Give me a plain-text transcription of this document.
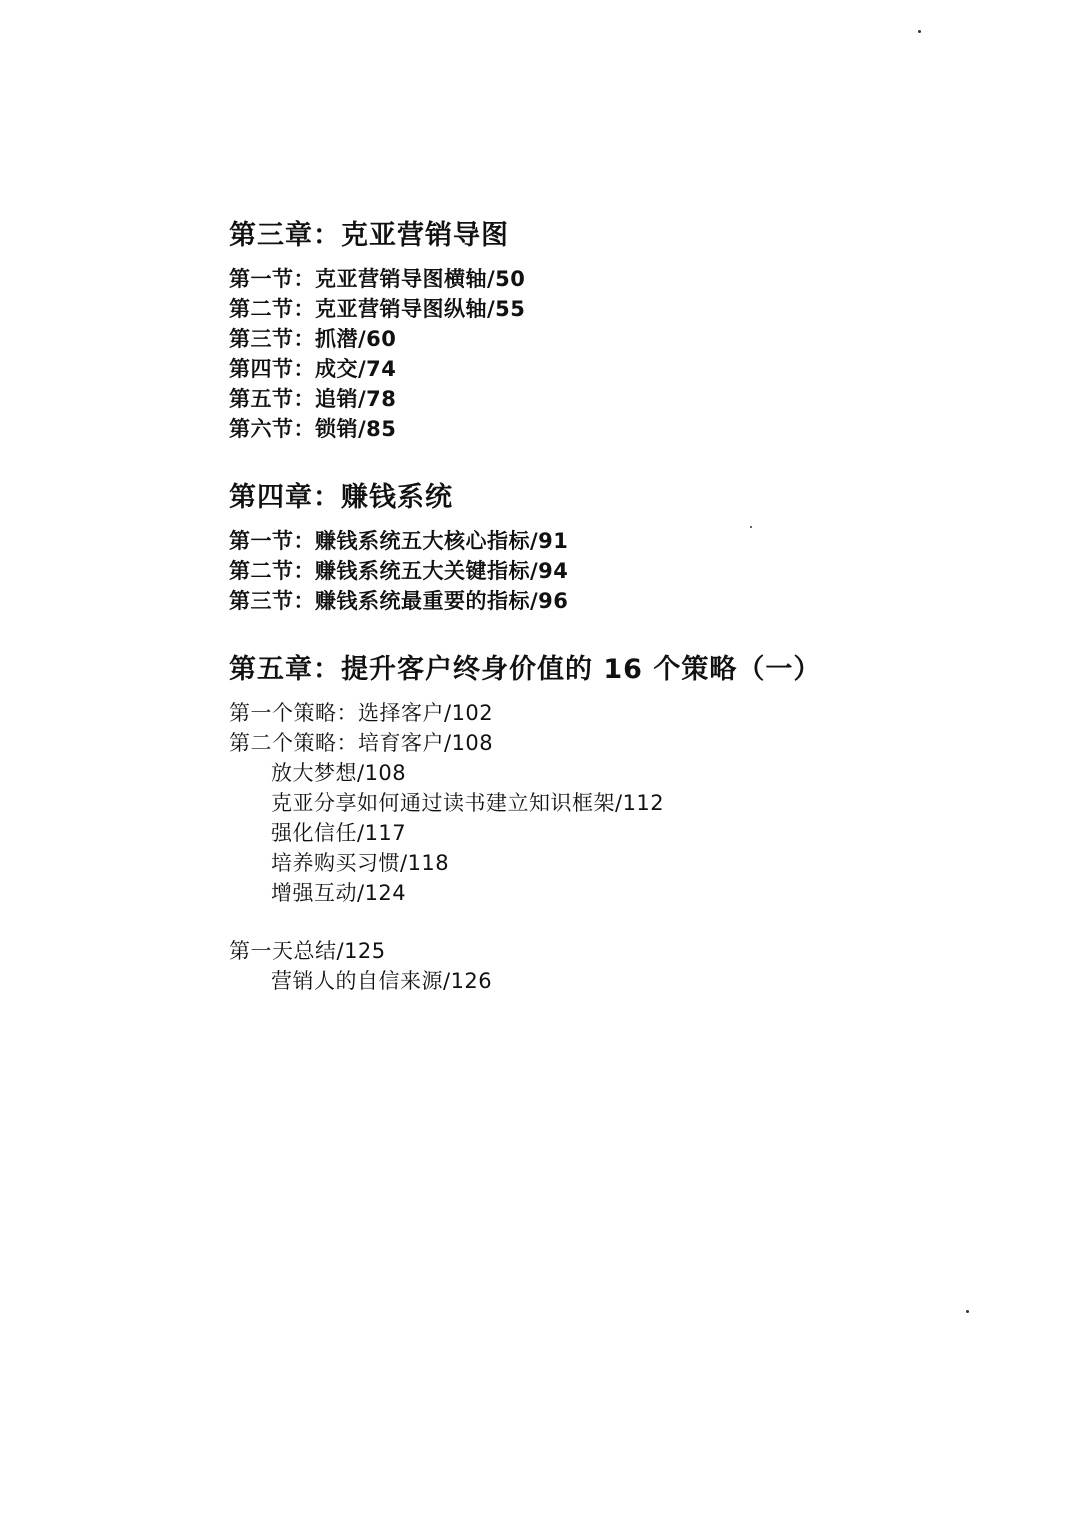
第三章：克亚营销导图
第一节：克亚营销导图横轴/50
第二节：克亚营销导图纵轴/55
第三节：抓潜/60
第四节：成交/74
第五节：追销/78
第六节：锁销/85
第四章：赚钱系统
第一节：赚钱系统五大核心指标/91
第二节：赚钱系统五大关键指标/94
第三节：赚钱系统最重要的指标/96
第五章：提升客户终身价值的 16 个策略（一）
第一个策略：选择客户/102
第二个策略：培育客户/108
放大梦想/108
克亚分享如何通过读书建立知识框架/112
强化信任/117
培养购买习惯/118
增强互动/124
第一天总结/125
营销人的自信来源/126
